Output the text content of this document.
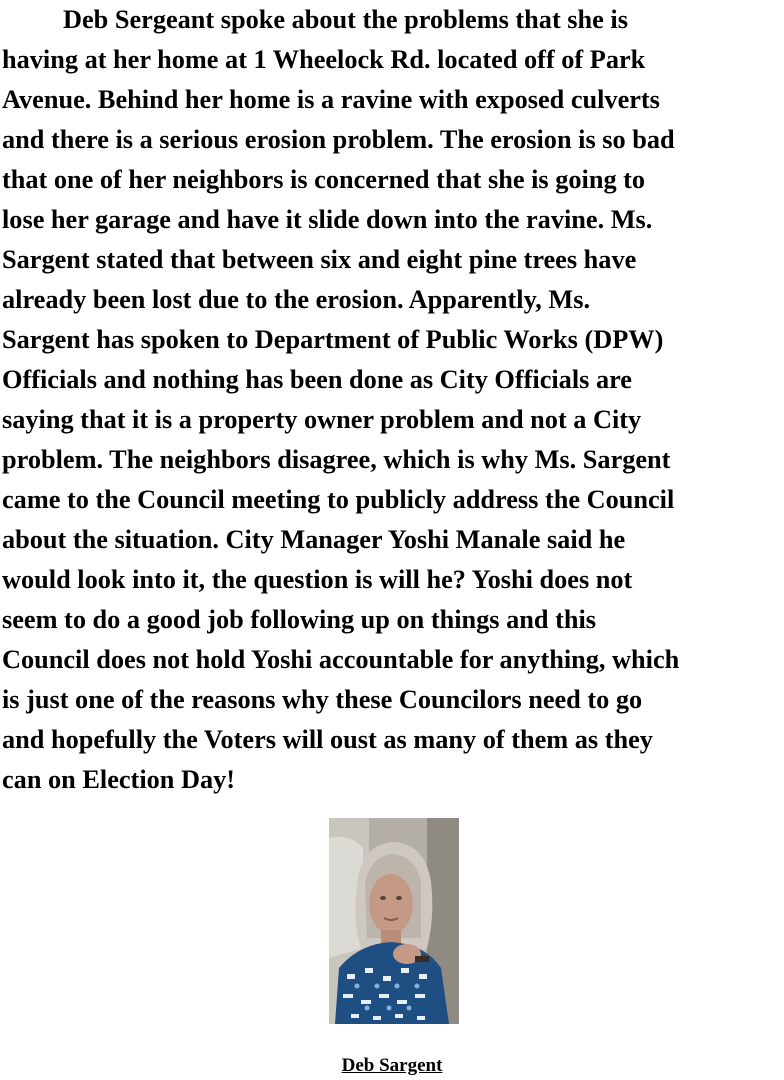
Deb Sergeant spoke about the problems that she is
having at her home at 1 Wheelock Rd. located off of Park
Avenue. Behind her home is a ravine with exposed culverts
and there is a serious erosion problem. The erosion is so bad
that one of her neighbors is concerned that she is going to
lose her garage and have it slide down into the ravine. Ms.
Sargent stated that between six and eight pine trees have
already been lost due to the erosion. Apparently, Ms.
Sargent has spoken to Department of Public Works (DPW)
Officials and nothing has been done as City Officials are
saying that it is a property owner problem and not a City
problem. The neighbors disagree, which is why Ms. Sargent
came to the Council meeting to publicly address the Council
about the situation. City Manager Yoshi Manale said he
would look into it, the question is will he? Yoshi does not
seem to do a good job following up on things and this
Council does not hold Yoshi accountable for anything, which
is just one of the reasons why these Councilors need to go
and hopefully the Voters will oust as many of them as they
can on Election Day!
Deb Sargent
